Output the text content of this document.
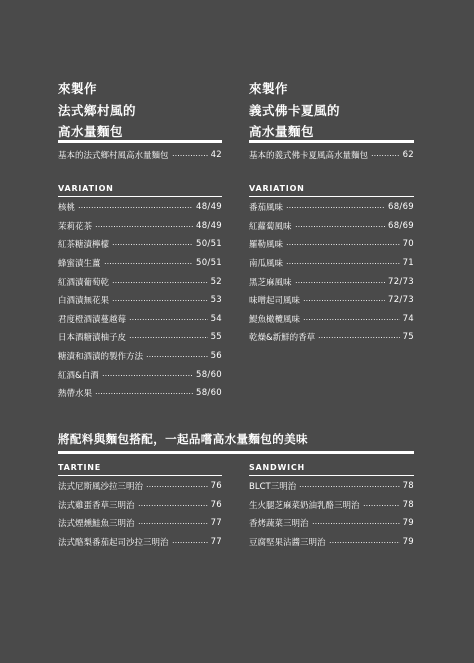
來製作
法式鄉村風的
高水量麵包
基本的法式鄉村風高水量麵包	42
來製作
義式佛卡夏風的
高水量麵包
基本的義式佛卡夏風高水量麵包	62
VARIATION
核桃	48/49
茉莉花茶	48/49
紅茶糖漬檸檬	50/51
蜂蜜漬生薑	50/51
紅酒漬葡萄乾	52
白酒漬無花果	53
君度橙酒漬蔓越莓	54
日本酒糖漬柚子皮	55
糖漬和酒漬的製作方法	56
紅酒&白酒	58/60
熱帶水果	58/60
VARIATION
番茄風味	68/69
紅蘿蔔風味	68/69
羅勒風味	70
南瓜風味	71
黑芝麻風味	72/73
味噌起司風味	72/73
鯷魚橄欖風味	74
乾燥&新鮮的香草	75
將配料與麵包搭配，一起品嚐高水量麵包的美味
TARTINE
法式尼斯風沙拉三明治	76
法式雞蛋香草三明治	76
法式煙燻鮭魚三明治	77
法式酪梨番茄起司沙拉三明治	77
SANDWICH
BLCT三明治	78
生火腿芝麻菜奶油乳酪三明治	78
香烤蔬菜三明治	79
豆腐堅果沾醬三明治	79
